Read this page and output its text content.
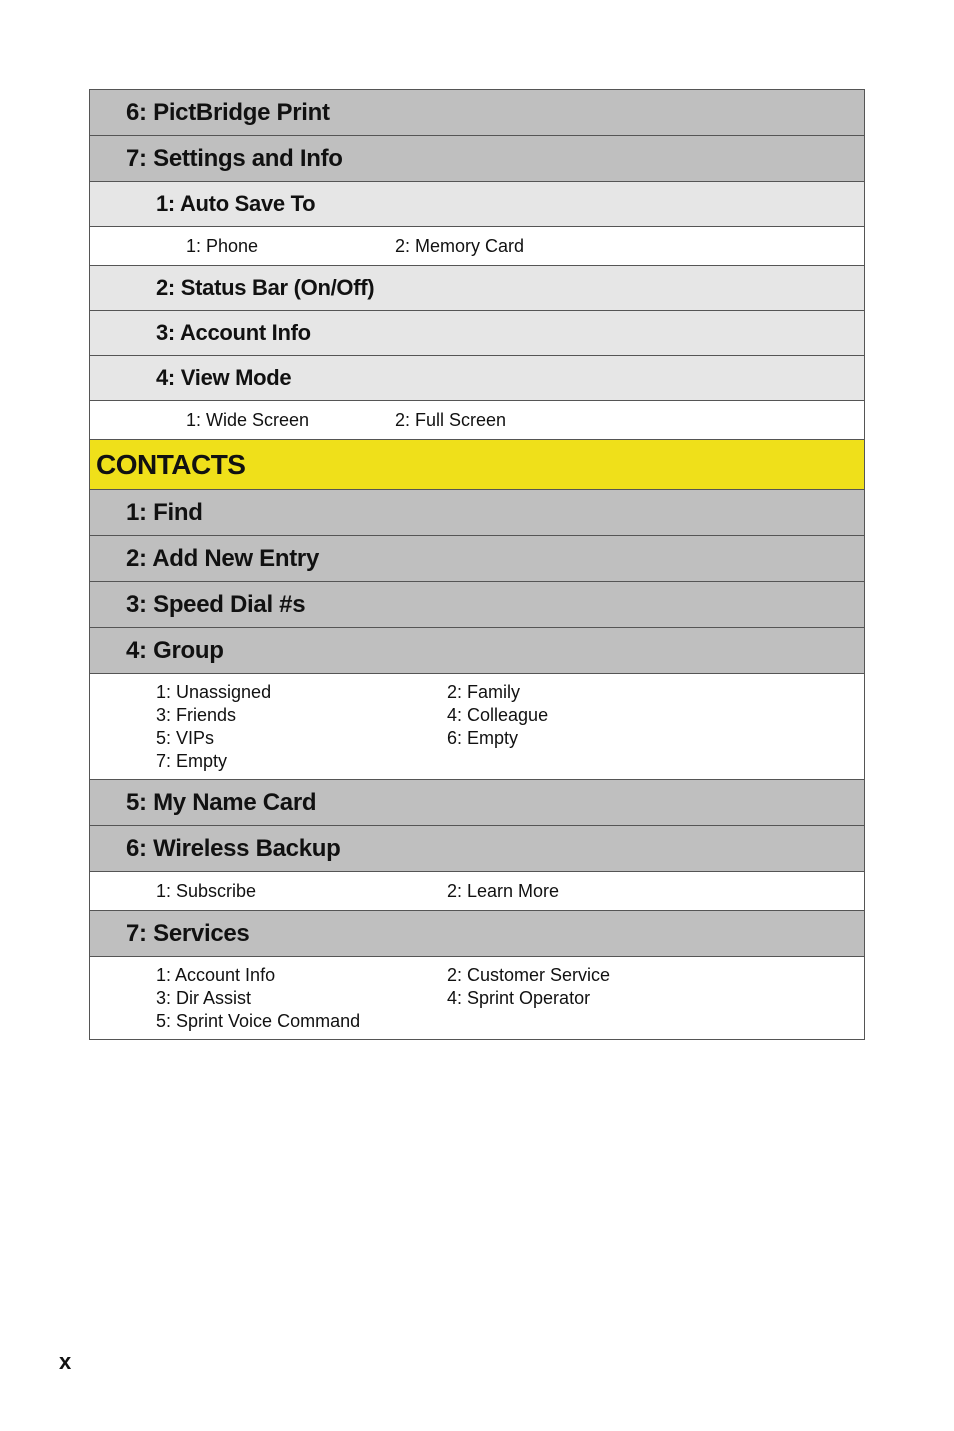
6: PictBridge Print
7: Settings and Info
1: Auto Save To
1: Phone	2: Memory Card
2: Status Bar (On/Off)
3: Account Info
4: View Mode
1: Wide Screen	2: Full Screen
CONTACTS
1: Find
2: Add New Entry
3: Speed Dial #s
4: Group
1: Unassigned	2: Family
3: Friends	4: Colleague
5: VIPs	6: Empty
7: Empty
5: My Name Card
6: Wireless Backup
1: Subscribe	2: Learn More
7: Services
1: Account Info	2: Customer Service
3: Dir Assist	4: Sprint Operator
5: Sprint Voice Command
x
